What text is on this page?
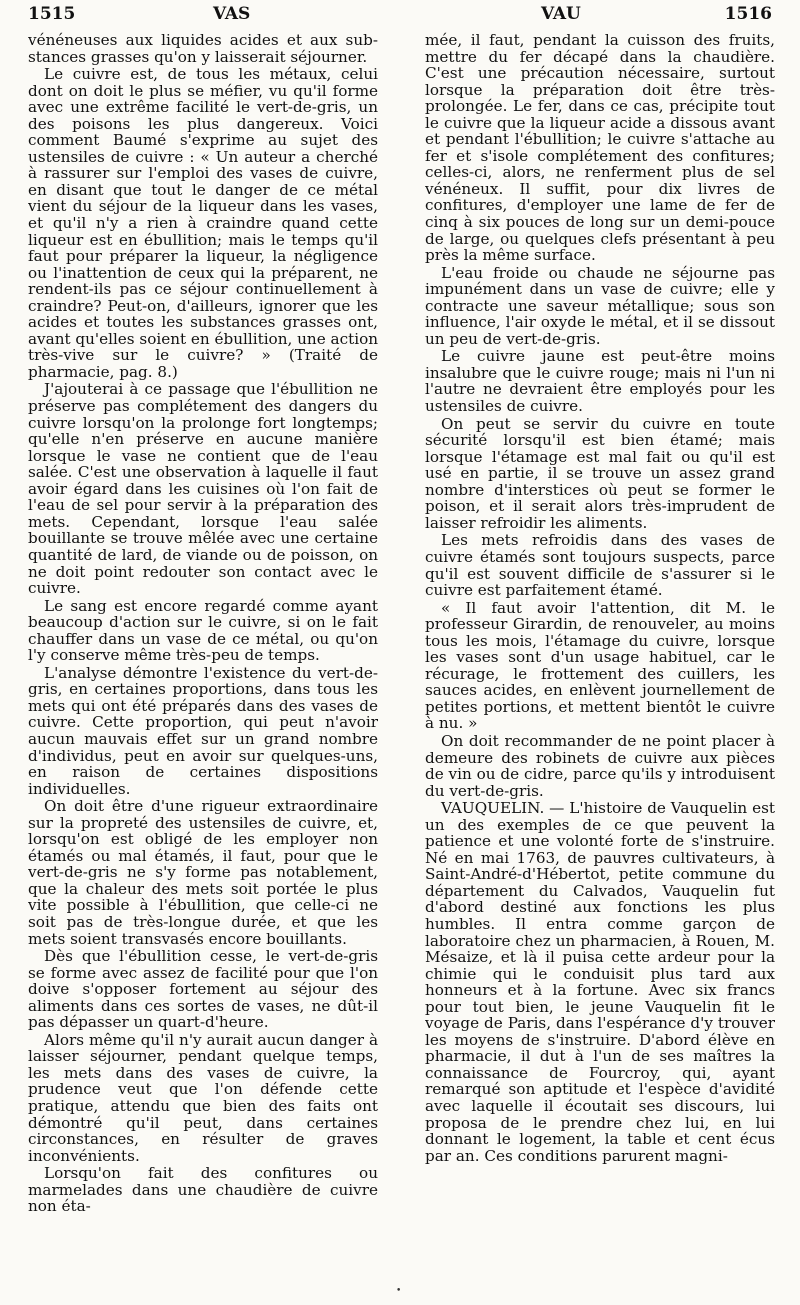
1515	VAS	VAU	1516

vénéneuses aux liquides acides et aux sub-stances grasses qu'on y laisserait séjourner.

Le cuivre est, de tous les métaux, celui dont on doit le plus se méfier, vu qu'il forme avec une extrême facilité le vert-de-gris, un des poisons les plus dangereux. Voici comment Baumé s'exprime au sujet des ustensiles de cuivre : « Un auteur a cherché à rassurer sur l'emploi des vases de cuivre, en disant que tout le danger de ce métal vient du séjour de la liqueur dans les vases, et qu'il n'y a rien à craindre quand cette liqueur est en ébullition; mais le temps qu'il faut pour préparer la liqueur, la négligence ou l'inattention de ceux qui la préparent, ne rendent-ils pas ce séjour continuellement à craindre? Peut-on, d'ailleurs, ignorer que les acides et toutes les substances grasses ont, avant qu'elles soient en ébullition, une action très-vive sur le cuivre? » (Traité de pharmacie, pag. 8.)

J'ajouterai à ce passage que l'ébullition ne préserve pas complétement des dangers du cuivre lorsqu'on la prolonge fort longtemps; qu'elle n'en préserve en aucune manière lorsque le vase ne contient que de l'eau salée. C'est une observation à laquelle il faut avoir égard dans les cuisines où l'on fait de l'eau de sel pour servir à la préparation des mets. Cependant, lorsque l'eau salée bouillante se trouve mêlée avec une certaine quantité de lard, de viande ou de poisson, on ne doit point redouter son contact avec le cuivre.

Le sang est encore regardé comme ayant beaucoup d'action sur le cuivre, si on le fait chauffer dans un vase de ce métal, ou qu'on l'y conserve même très-peu de temps.

L'analyse démontre l'existence du vert-de-gris, en certaines proportions, dans tous les mets qui ont été préparés dans des vases de cuivre. Cette proportion, qui peut n'avoir aucun mauvais effet sur un grand nombre d'individus, peut en avoir sur quelques-uns, en raison de certaines dispositions individuelles.

On doit être d'une rigueur extraordinaire sur la propreté des ustensiles de cuivre, et, lorsqu'on est obligé de les employer non étamés ou mal étamés, il faut, pour que le vert-de-gris ne s'y forme pas notablement, que la chaleur des mets soit portée le plus vite possible à l'ébullition, que celle-ci ne soit pas de très-longue durée, et que les mets soient transvasés encore bouillants.

Dès que l'ébullition cesse, le vert-de-gris se forme avec assez de facilité pour que l'on doive s'opposer fortement au séjour des aliments dans ces sortes de vases, ne dût-il pas dépasser un quart-d'heure.

Alors même qu'il n'y aurait aucun danger à laisser séjourner, pendant quelque temps, les mets dans des vases de cuivre, la prudence veut que l'on défende cette pratique, attendu que bien des faits ont démontré qu'il peut, dans certaines circonstances, en résulter de graves inconvénients.

Lorsqu'on fait des confitures ou marmelades dans une chaudière de cuivre non éta-

mée, il faut, pendant la cuisson des fruits, mettre du fer décapé dans la chaudière. C'est une précaution nécessaire, surtout lorsque la préparation doit être très-prolongée. Le fer, dans ce cas, précipite tout le cuivre que la liqueur acide a dissous avant et pendant l'ébullition; le cuivre s'attache au fer et s'isole complétement des confitures; celles-ci, alors, ne renferment plus de sel vénéneux. Il suffit, pour dix livres de confitures, d'employer une lame de fer de cinq à six pouces de long sur un demi-pouce de large, ou quelques clefs présentant à peu près la même surface.

L'eau froide ou chaude ne séjourne pas impunément dans un vase de cuivre; elle y contracte une saveur métallique; sous son influence, l'air oxyde le métal, et il se dissout un peu de vert-de-gris.

Le cuivre jaune est peut-être moins insalubre que le cuivre rouge; mais ni l'un ni l'autre ne devraient être employés pour les ustensiles de cuivre.

On peut se servir du cuivre en toute sécurité lorsqu'il est bien étamé; mais lorsque l'étamage est mal fait ou qu'il est usé en partie, il se trouve un assez grand nombre d'interstices où peut se former le poison, et il serait alors très-imprudent de laisser refroidir les aliments.

Les mets refroidis dans des vases de cuivre étamés sont toujours suspects, parce qu'il est souvent difficile de s'assurer si le cuivre est parfaitement étamé.

« Il faut avoir l'attention, dit M. le professeur Girardin, de renouveler, au moins tous les mois, l'étamage du cuivre, lorsque les vases sont d'un usage habituel, car le récurage, le frottement des cuillers, les sauces acides, en enlèvent journellement de petites portions, et mettent bientôt le cuivre à nu. »

On doit recommander de ne point placer à demeure des robinets de cuivre aux pièces de vin ou de cidre, parce qu'ils y introduisent du vert-de-gris.

VAUQUELIN. — L'histoire de Vauquelin est un des exemples de ce que peuvent la patience et une volonté forte de s'instruire. Né en mai 1763, de pauvres cultivateurs, à Saint-André-d'Hébertot, petite commune du département du Calvados, Vauquelin fut d'abord destiné aux fonctions les plus humbles. Il entra comme garçon de laboratoire chez un pharmacien, à Rouen, M. Mésaize, et là il puisa cette ardeur pour la chimie qui le conduisit plus tard aux honneurs et à la fortune. Avec six francs pour tout bien, le jeune Vauquelin fit le voyage de Paris, dans l'espérance d'y trouver les moyens de s'instruire. D'abord élève en pharmacie, il dut à l'un de ses maîtres la connaissance de Fourcroy, qui, ayant remarqué son aptitude et l'espèce d'avidité avec laquelle il écoutait ses discours, lui proposa de le prendre chez lui, en lui donnant le logement, la table et cent écus par an. Ces conditions parurent magni-

•
